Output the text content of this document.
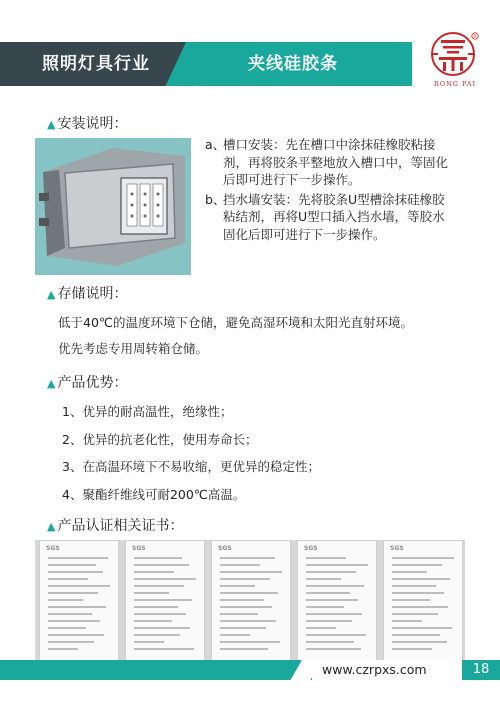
照明灯具行业	夹线硅胶条
R
RONG PAI
▲ 安装说明：
a、
槽口安装：先在槽口中涂抹硅橡胶粘接剂，再将胶条平整地放入槽口中，等固化后即可进行下一步操作。
b、
挡水墙安装：先将胶条U型槽涂抹硅橡胶粘结剂，再将U型口插入挡水墙，等胶水固化后即可进行下一步操作。
▲ 存储说明：
低于40℃的温度环境下仓储，避免高湿环境和太阳光直射环境。
优先考虑专用周转箱仓储。
▲ 产品优势：
1、优异的耐高温性，绝缘性；
2、优异的抗老化性，使用寿命长；
3、在高温环境下不易收缩，更优异的稳定性；
4、聚酯纤维线可耐200℃高温。
▲ 产品认证相关证书：
SGS	SGS	SGS	SGS	SGS
www.czrpxs.com	18
